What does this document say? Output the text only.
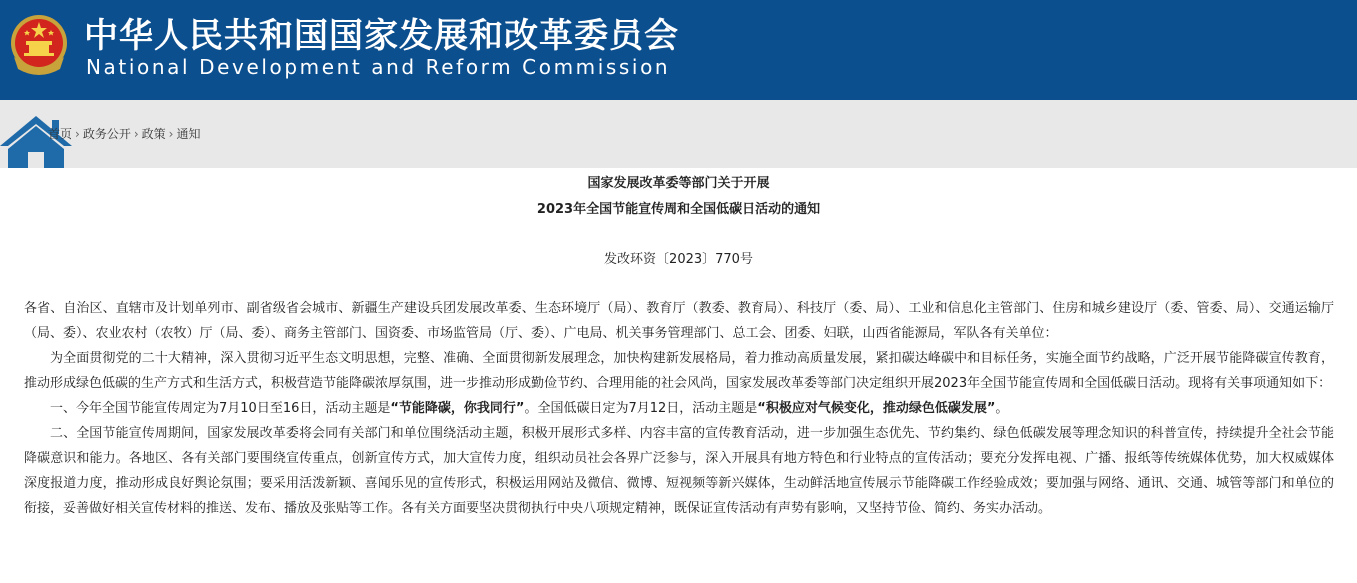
中华人民共和国国家发展和改革委员会
National Development and Reform Commission
首页 › 政务公开 › 政策 › 通知
国家发展改革委等部门关于开展
2023年全国节能宣传周和全国低碳日活动的通知
发改环资〔2023〕770号

各省、自治区、直辖市及计划单列市、副省级省会城市、新疆生产建设兵团发展改革委、生态环境厅（局）、教育厅（教委、教育局）、科技厅（委、局）、工业和信息化主管部门、住房和城乡建设厅（委、管委、局）、交通运输厅（局、委）、农业农村（农牧）厅（局、委）、商务主管部门、国资委、市场监管局（厅、委）、广电局、机关事务管理部门、总工会、团委、妇联，山西省能源局，军队各有关单位：

为全面贯彻党的二十大精神，深入贯彻习近平生态文明思想，完整、准确、全面贯彻新发展理念，加快构建新发展格局，着力推动高质量发展，紧扣碳达峰碳中和目标任务，实施全面节约战略，广泛开展节能降碳宣传教育，推动形成绿色低碳的生产方式和生活方式，积极营造节能降碳浓厚氛围，进一步推动形成勤俭节约、合理用能的社会风尚，国家发展改革委等部门决定组织开展2023年全国节能宣传周和全国低碳日活动。现将有关事项通知如下：

一、今年全国节能宣传周定为7月10日至16日，活动主题是“节能降碳，你我同行”。全国低碳日定为7月12日，活动主题是“积极应对气候变化，推动绿色低碳发展”。

二、全国节能宣传周期间，国家发展改革委将会同有关部门和单位围绕活动主题，积极开展形式多样、内容丰富的宣传教育活动，进一步加强生态优先、节约集约、绿色低碳发展等理念知识的科普宣传，持续提升全社会节能降碳意识和能力。各地区、各有关部门要围绕宣传重点，创新宣传方式，加大宣传力度，组织动员社会各界广泛参与，深入开展具有地方特色和行业特点的宣传活动；要充分发挥电视、广播、报纸等传统媒体优势，加大权威媒体深度报道力度，推动形成良好舆论氛围；要采用活泼新颖、喜闻乐见的宣传形式，积极运用网站及微信、微博、短视频等新兴媒体，生动鲜活地宣传展示节能降碳工作经验成效；要加强与网络、通讯、交通、城管等部门和单位的衔接，妥善做好相关宣传材料的推送、发布、播放及张贴等工作。各有关方面要坚决贯彻执行中央八项规定精神，既保证宣传活动有声势有影响，又坚持节俭、简约、务实办活动。
